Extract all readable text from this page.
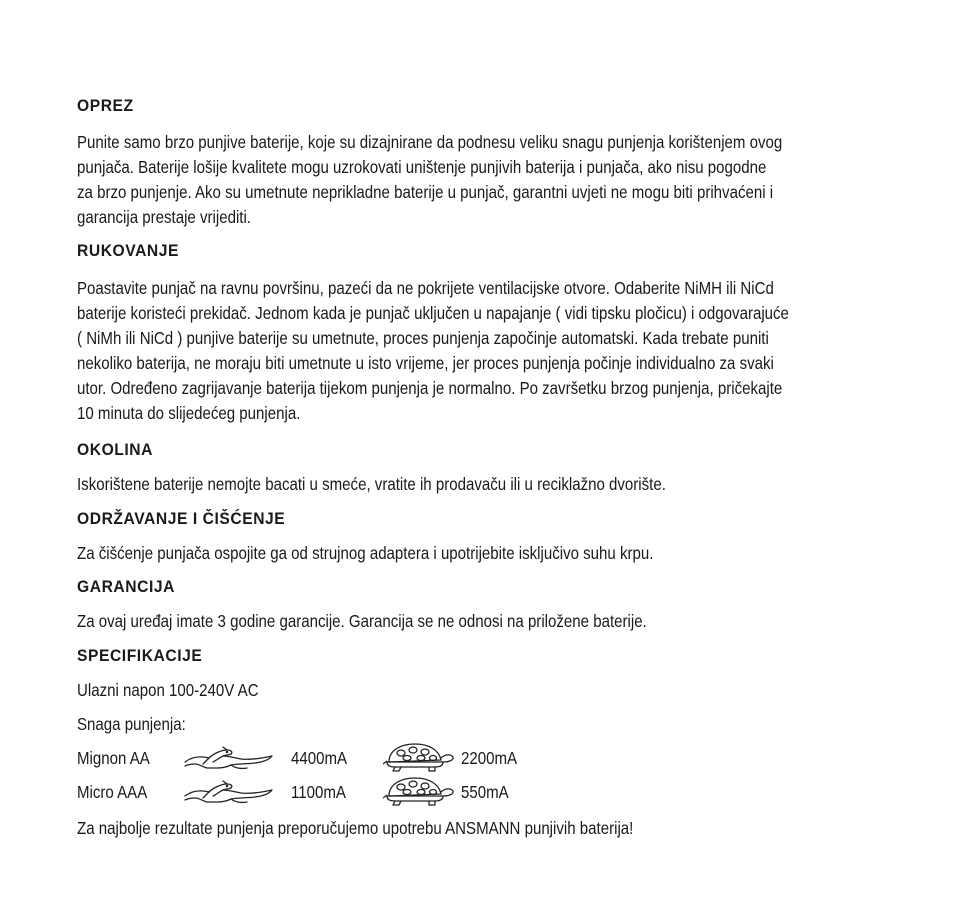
OPREZ
Punite samo brzo punjive baterije, koje su dizajnirane da podnesu veliku snagu punjenja korištenjem ovog
punjača. Baterije lošije kvalitete mogu uzrokovati uništenje punjivih baterija i punjača, ako nisu pogodne
za brzo punjenje. Ako su umetnute neprikladne baterije u punjač, garantni uvjeti ne mogu biti prihvaćeni i
garancija prestaje vrijediti.
RUKOVANJE
Poastavite punjač na ravnu površinu, pazeći da ne pokrijete ventilacijske otvore. Odaberite NiMH ili NiCd
baterije koristeći prekidač. Jednom kada je punjač uključen u napajanje ( vidi tipsku pločicu) i odgovarajuće
( NiMh ili NiCd ) punjive baterije su umetnute, proces punjenja započinje automatski. Kada trebate puniti
nekoliko baterija, ne moraju biti umetnute u isto vrijeme, jer proces punjenja počinje individualno za svaki
utor. Određeno zagrijavanje baterija tijekom punjenja je normalno. Po završetku brzog punjenja, pričekajte
10 minuta do slijedećeg punjenja.
OKOLINA
Iskorištene baterije nemojte bacati u smeće, vratite ih prodavaču ili u reciklažno dvorište.
ODRŽAVANJE I ČIŠĆENJE
Za čišćenje punjača ospojite ga od strujnog adaptera i upotrijebite isključivo suhu krpu.
GARANCIJA
Za ovaj uređaj imate 3 godine garancije. Garancija se ne odnosi na priložene baterije.
SPECIFIKACIJE
Ulazni napon 100-240V AC
Snaga punjenja:
Mignon AA	4400mA	2200mA
Micro AAA	1100mA	550mA
Za najbolje rezultate punjenja preporučujemo upotrebu ANSMANN punjivih baterija!
